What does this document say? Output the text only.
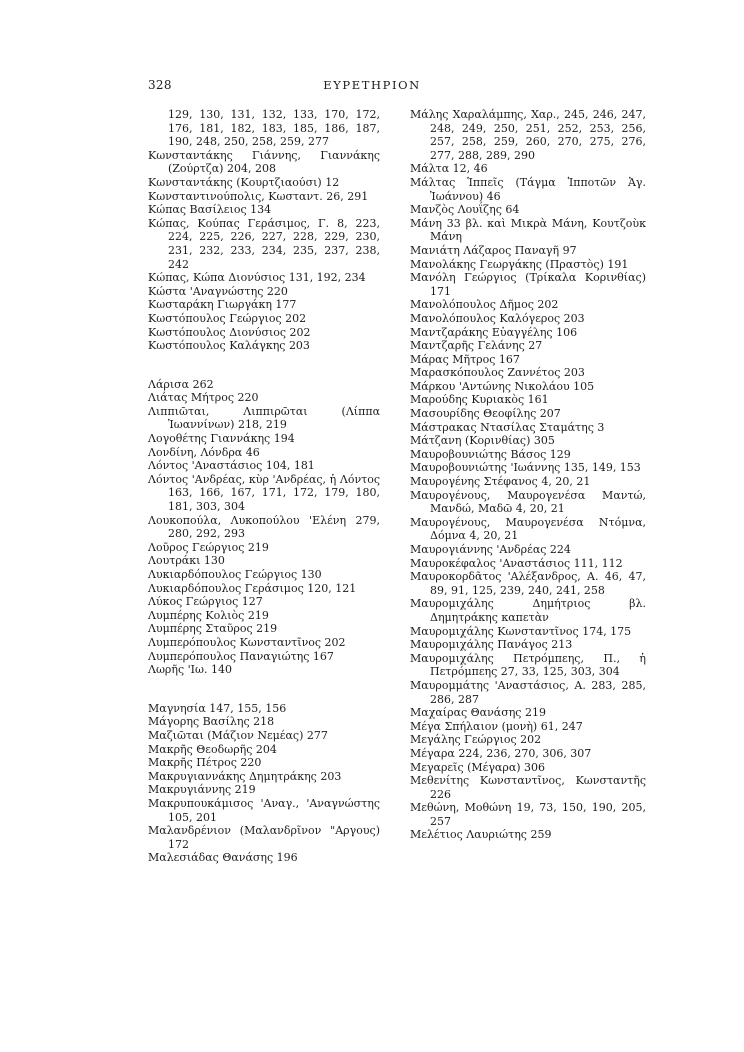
328	ΕΥΡΕΤΗΡΙΟΝ
129, 130, 131, 132, 133, 170, 172, 176, 181, 182, 183, 185, 186, 187, 190, 248, 250, 258, 259, 277
Κωνσταντάκης Γιάννης, Γιαννάκης (Ζούρτζα) 204, 208
Κωνσταντάκης (Κουρτζιαούσι) 12
Κωνσταντινούπολις, Κωσταντ. 26, 291
Κώπας Βασίλειος 134
Κώπας, Κούπας Γεράσιμος, Γ. 8, 223, 224, 225, 226, 227, 228, 229, 230, 231, 232, 233, 234, 235, 237, 238, 242
Κώπας, Κώπα Διονύσιος 131, 192, 234
Κώστα 'Αναγνώστης 220
Κωσταράκη Γιωργάκη 177
Κωστόπουλος Γεώργιος 202
Κωστόπουλος Διονύσιος 202
Κωστόπουλος Καλάγκης 203
Λάρισα 262
Λιάτας Μήτρος 220
Λιππιῶται, Λιππιρῶται (Λίππα Ἰωαννίνων) 218, 219
Λογοθέτης Γιαννάκης 194
Λονδίνη, Λόνδρα 46
Λόντος 'Αναστάσιος 104, 181
Λόντος 'Ανδρέας, κὺρ 'Ανδρέας, ἡ Λόντος 163, 166, 167, 171, 172, 179, 180, 181, 303, 304
Λουκοπούλα, Λυκοπούλου 'Ελένη 279, 280, 292, 293
Λοῦρος Γεώργιος 219
Λουτράκι 130
Λυκιαρδόπουλος Γεώργιος 130
Λυκιαρδόπουλος Γεράσιμος 120, 121
Λύκος Γεώργιος 127
Λυμπέρης Κολιὸς 219
Λυμπέρης Σταῦρος 219
Λυμπερόπουλος Κωνσταντῖνος 202
Λυμπερόπουλος Παναγιώτης 167
Λωρῆς 'Ιω. 140
Μαγνησία 147, 155, 156
Μάγορης Βασίλης 218
Μαζιῶται (Μάζιον Νεμέας) 277
Μακρῆς Θεοδωρῆς 204
Μακρῆς Πέτρος 220
Μακρυγιαννάκης Δημητράκης 203
Μακρυγιάννης 219
Μακρυπουκάμισος 'Αναγ., 'Αναγνώστης 105, 201
Μαλανδρένιον (Μαλανδρῖνον "Αργους) 172
Μαλεσιάδας Θανάσης 196
Μάλης Χαραλάμπης, Χαρ., 245, 246, 247, 248, 249, 250, 251, 252, 253, 256, 257, 258, 259, 260, 270, 275, 276, 277, 288, 289, 290
Μάλτα 12, 46
Μάλτας Ἱππεῖς (Τάγμα Ἱπποτῶν Ἁγ. Ἰωάννου) 46
Μανζὸς Λουΐζης 64
Μάνη 33 βλ. καὶ Μικρὰ Μάνη, Κουτζοὺκ Μάνη
Μανιάτη Λάζαρος Παναγῆ 97
Μανολάκης Γεωργάκης (Πραστὸς) 191
Μανόλη Γεώργιος (Τρίκαλα Κορινθίας) 171
Μανολόπουλος Δῆμος 202
Μανολόπουλος Καλόγερος 203
Μαντζαράκης Εὐαγγέλης 106
Μαντζαρῆς Γελάνης 27
Μάρας Μῆτρος 167
Μαρασκόπουλος Ζαννέτος 203
Μάρκου 'Αντώνης Νικολάου 105
Μαρούδης Κυριακὸς 161
Μασουρίδης Θεοφίλης 207
Μάστρακας Ντασίλας Σταμάτης 3
Μάτζανη (Κορινθίας) 305
Μαυροβουνιώτης Βάσος 129
Μαυροβουνιώτης 'Ιωάννης 135, 149, 153
Μαυρογένης Στέφανος 4, 20, 21
Μαυρογένους, Μαυρογενέσα Μαντώ, Μανδώ, Μαδῶ 4, 20, 21
Μαυρογένους, Μαυρογενέσα Ντόμνα, Δόμνα 4, 20, 21
Μαυρογιάννης 'Ανδρέας 224
Μαυροκέφαλος 'Αναστάσιος 111, 112
Μαυροκορδᾶτος 'Αλέξανδρος, Α. 46, 47, 89, 91, 125, 239, 240, 241, 258
Μαυρομιχάλης Δημήτριος βλ. Δημητράκης καπετὰν
Μαυρομιχάλης Κωνσταντῖνος 174, 175
Μαυρομιχάλης Πανάγος 213
Μαυρομιχάλης Πετρόμπεης, Π., ἡ Πετρόμπεης 27, 33, 125, 303, 304
Μαυρομμάτης 'Αναστάσιος, Α. 283, 285, 286, 287
Μαχαίρας Θανάσης 219
Μέγα Σπήλαιον (μονὴ) 61, 247
Μεγάλης Γεώργιος 202
Μέγαρα 224, 236, 270, 306, 307
Μεγαρεῖς (Μέγαρα) 306
Μεθενίτης Κωνσταντῖνος, Κωνσταντῆς 226
Μεθώνη, Μοθώνη 19, 73, 150, 190, 205, 257
Μελέτιος Λαυριώτης 259
